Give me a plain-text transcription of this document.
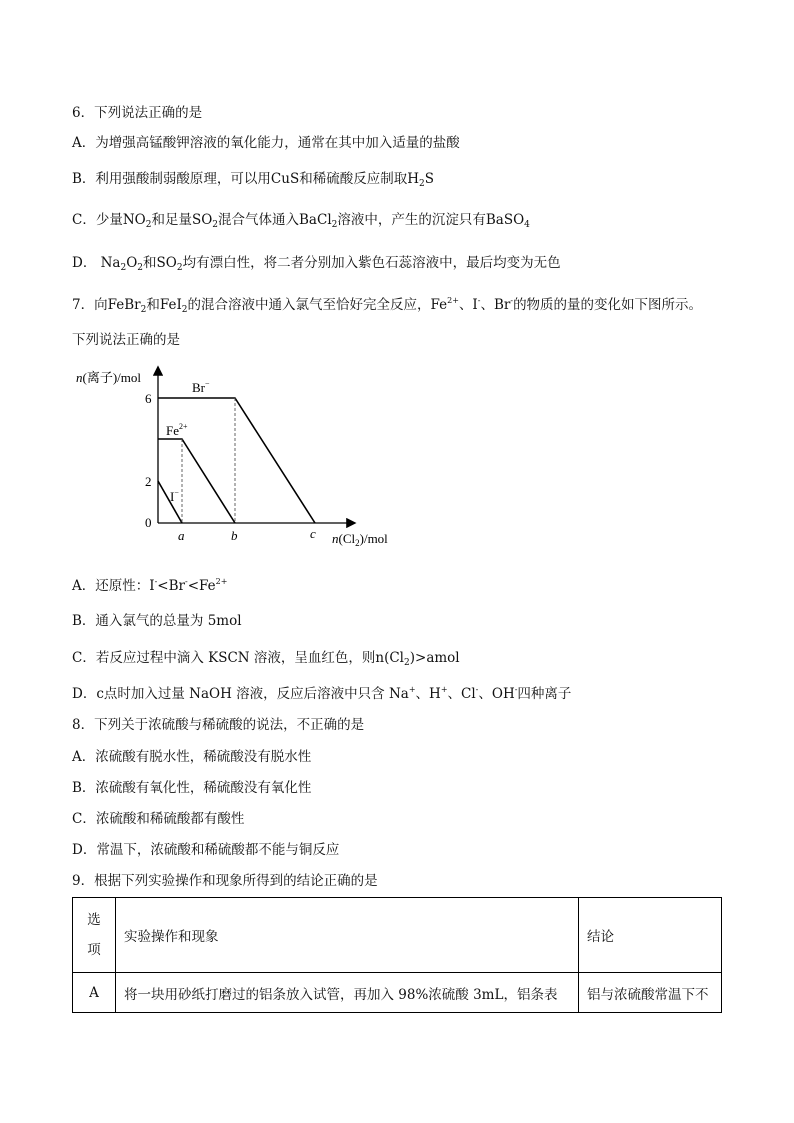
6．下列说法正确的是
A．为增强高锰酸钾溶液的氧化能力，通常在其中加入适量的盐酸
B．利用强酸制弱酸原理，可以用CuS和稀硫酸反应制取$H_2S$
C．少量$NO_2$和足量$SO_2$混合气体通入BaCl$_2$溶液中，产生的沉淀只有BaSO$_4$
D． $Na_2O_2$和$SO_2$均有漂白性，将二者分别加入紫色石蕊溶液中，最后均变为无色
7．向FeBr$_2$和FeI$_2$的混合溶液中通入氯气至恰好完全反应，$Fe^{2+}$、I-、Br-的物质的量的变化如下图所示。
下列说法正确的是
n(离子)/mol
$n(Cl_2)$/mol
6
2
0
a	b	c
Br−
$Fe^{2+}$
I−
A．还原性：$I^-<Br^-<Fe^{2+}$
B．通入氯气的总量为 5mol
C．若反应过程中滴入 KSCN 溶液，呈血红色，则$n(Cl_2)>amol$
D．c点时加入过量 NaOH 溶液，反应后溶液中只含 Na+、H+、Cl-、OH-四种离子
8．下列关于浓硫酸与稀硫酸的说法，不正确的是
A．浓硫酸有脱水性，稀硫酸没有脱水性
B．浓硫酸有氧化性，稀硫酸没有氧化性
C．浓硫酸和稀硫酸都有酸性
D．常温下，浓硫酸和稀硫酸都不能与铜反应
9．根据下列实验操作和现象所得到的结论正确的是
选
项	实验操作和现象	结论
A	将一块用砂纸打磨过的铝条放入试管，再加入 98%浓硫酸 3mL，铝条表	铝与浓硫酸常温下不
